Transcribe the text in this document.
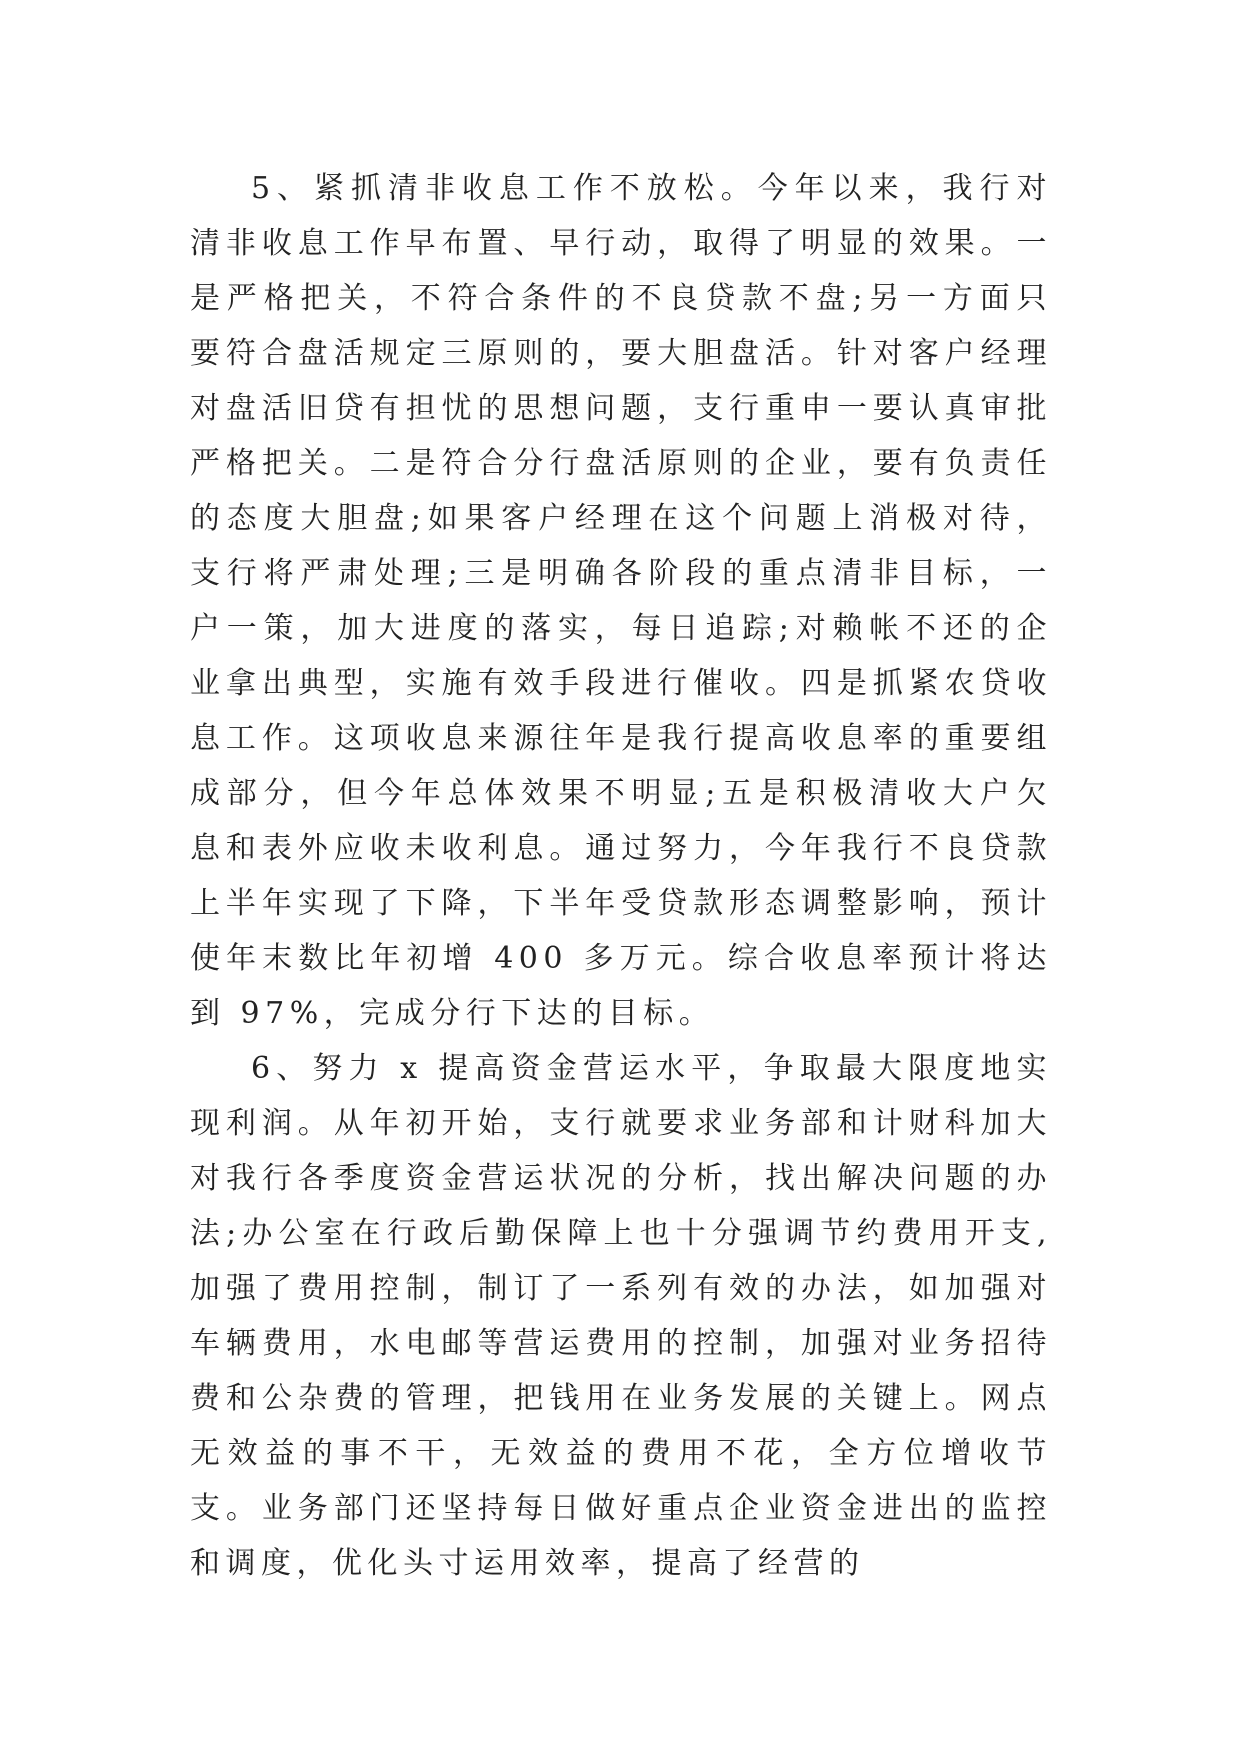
5、紧抓清非收息工作不放松。今年以来，我行对清非收息工作早布置、早行动，取得了明显的效果。一是严格把关，不符合条件的不良贷款不盘;另一方面只要符合盘活规定三原则的，要大胆盘活。针对客户经理对盘活旧贷有担忧的思想问题，支行重申一要认真审批严格把关。二是符合分行盘活原则的企业，要有负责任的态度大胆盘;如果客户经理在这个问题上消极对待，支行将严肃处理;三是明确各阶段的重点清非目标，一户一策，加大进度的落实，每日追踪;对赖帐不还的企业拿出典型，实施有效手段进行催收。四是抓紧农贷收息工作。这项收息来源往年是我行提高收息率的重要组成部分，但今年总体效果不明显;五是积极清收大户欠息和表外应收未收利息。通过努力，今年我行不良贷款上半年实现了下降，下半年受贷款形态调整影响，预计使年末数比年初增 400 多万元。综合收息率预计将达到 97%，完成分行下达的目标。

6、努力 x 提高资金营运水平，争取最大限度地实现利润。从年初开始，支行就要求业务部和计财科加大对我行各季度资金营运状况的分析，找出解决问题的办法;办公室在行政后勤保障上也十分强调节约费用开支,加强了费用控制，制订了一系列有效的办法，如加强对车辆费用，水电邮等营运费用的控制，加强对业务招待费和公杂费的管理，把钱用在业务发展的关键上。网点无效益的事不干，无效益的费用不花，全方位增收节支。业务部门还坚持每日做好重点企业资金进出的监控和调度，优化头寸运用效率，提高了经营的
